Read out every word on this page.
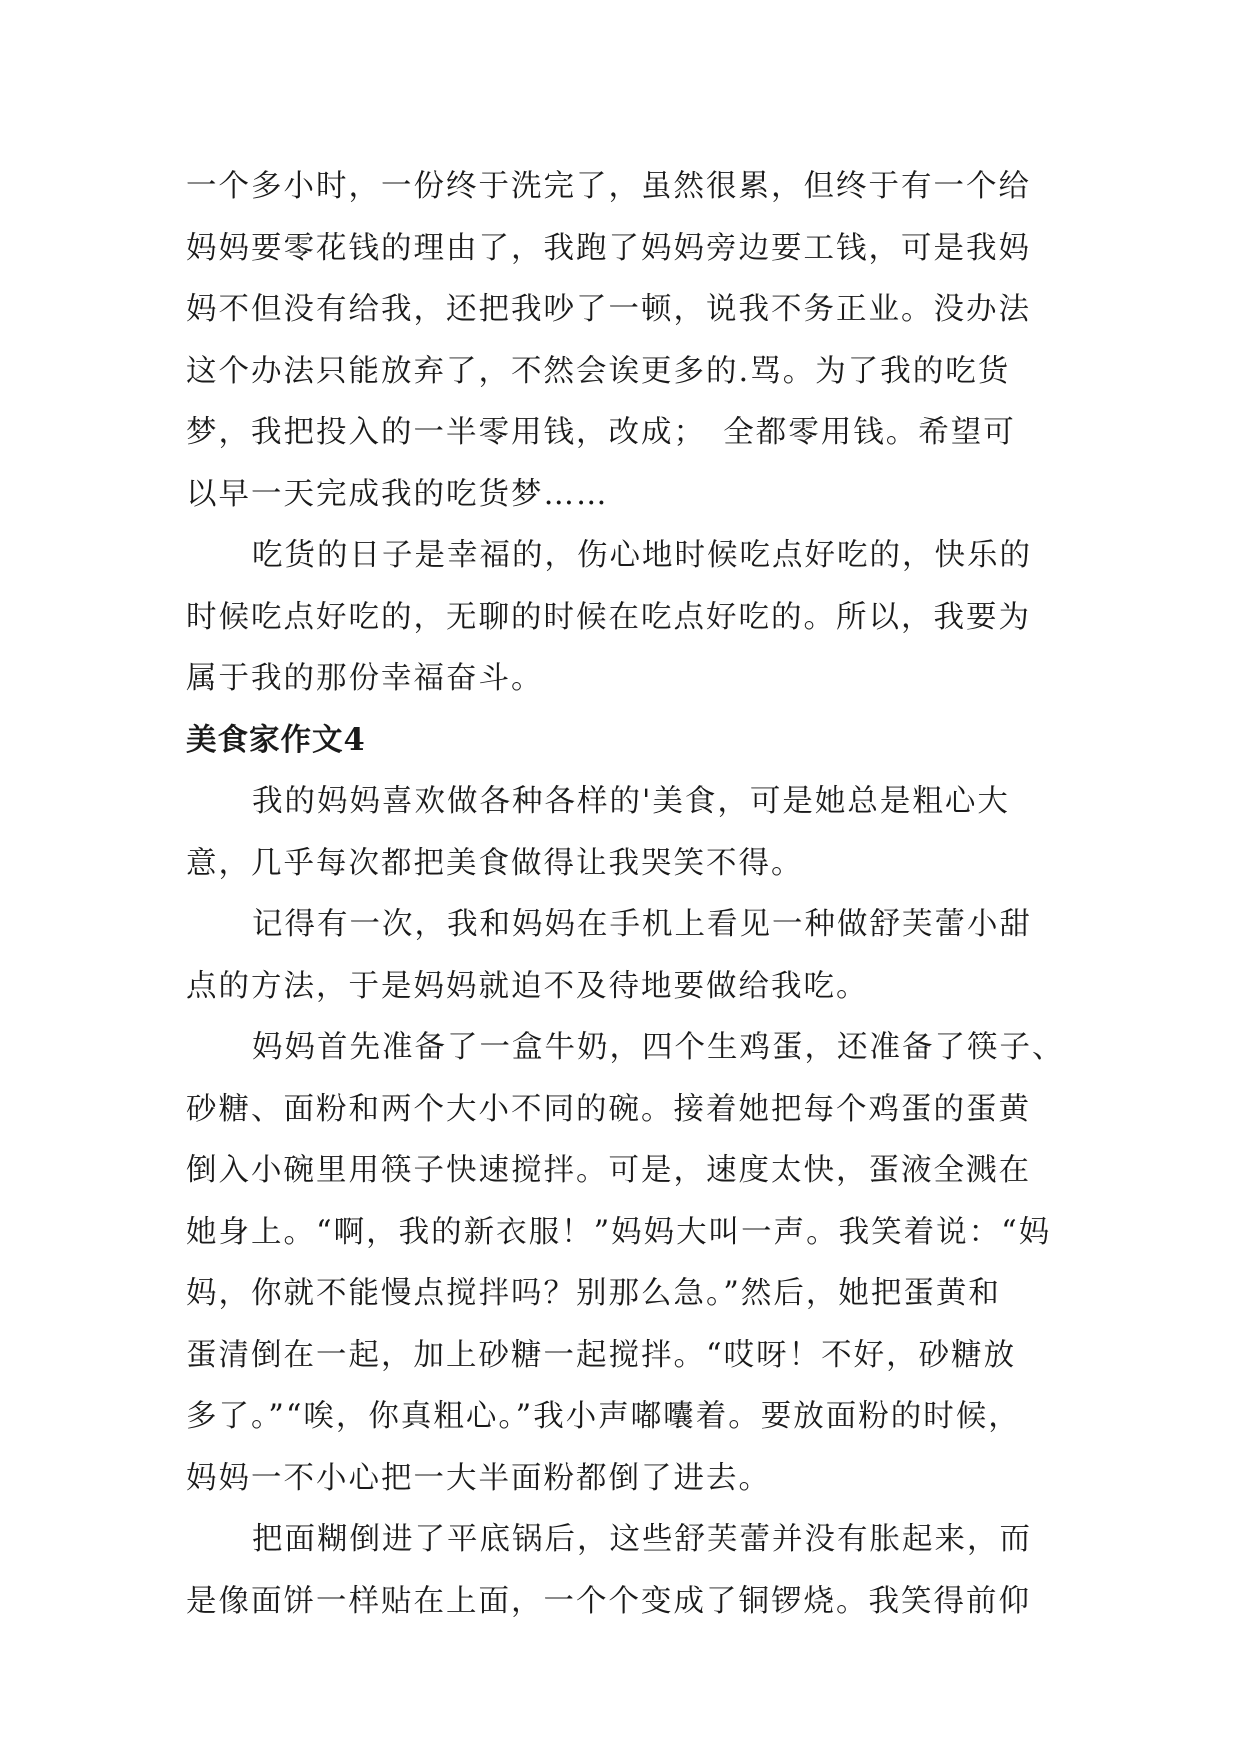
一个多小时，一份终于洗完了，虽然很累，但终于有一个给
妈妈要零花钱的理由了，我跑了妈妈旁边要工钱，可是我妈
妈不但没有给我，还把我吵了一顿，说我不务正业。没办法
这个办法只能放弃了，不然会诶更多的.骂。为了我的吃货
梦，我把投入的一半零用钱，改成；　全都零用钱。希望可
以早一天完成我的吃货梦……

吃货的日子是幸福的，伤心地时候吃点好吃的，快乐的
时候吃点好吃的，无聊的时候在吃点好吃的。所以，我要为
属于我的那份幸福奋斗。

美食家作文4

我的妈妈喜欢做各种各样的'美食，可是她总是粗心大
意，几乎每次都把美食做得让我哭笑不得。

记得有一次，我和妈妈在手机上看见一种做舒芙蕾小甜
点的方法，于是妈妈就迫不及待地要做给我吃。

妈妈首先准备了一盒牛奶，四个生鸡蛋，还准备了筷子、
砂糖、面粉和两个大小不同的碗。接着她把每个鸡蛋的蛋黄
倒入小碗里用筷子快速搅拌。可是，速度太快，蛋液全溅在
她身上。“啊，我的新衣服！”妈妈大叫一声。我笑着说：“妈
妈，你就不能慢点搅拌吗？别那么急。”然后，她把蛋黄和
蛋清倒在一起，加上砂糖一起搅拌。“哎呀！不好，砂糖放
多了。”“唉，你真粗心。”我小声嘟囔着。要放面粉的时候，
妈妈一不小心把一大半面粉都倒了进去。

把面糊倒进了平底锅后，这些舒芙蕾并没有胀起来，而
是像面饼一样贴在上面，一个个变成了铜锣烧。我笑得前仰
